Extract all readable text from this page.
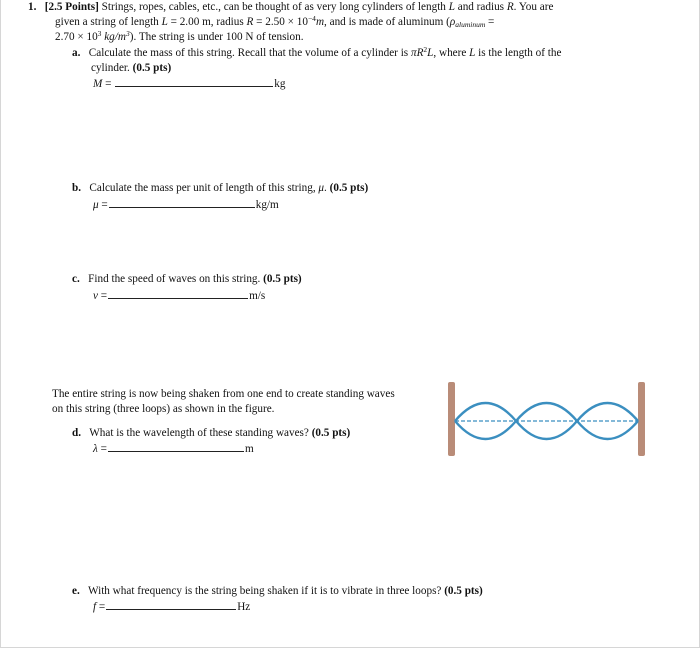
1. [2.5 Points] Strings, ropes, cables, etc., can be thought of as very long cylinders of length L and radius R. You are
given a string of length L = 2.00 m, radius $R = 2.50 \times 10^{-4}m$, and is made of aluminum ($\rho_{aluminum}$ =
$2.70 \times 10^3$ $kg/m^3$). The string is under 100 N of tension.
a. Calculate the mass of this string. Recall that the volume of a cylinder is $\pi R^2L$, where L is the length of the
cylinder. (0.5 pts)
M =	kg
b. Calculate the mass per unit of length of this string, μ. (0.5 pts)
μ =	kg/m
c. Find the speed of waves on this string. (0.5 pts)
v =	m/s
The entire string is now being shaken from one end to create standing waves
on this string (three loops) as shown in the figure.
d. What is the wavelength of these standing waves? (0.5 pts)
λ =	m
e. With what frequency is the string being shaken if it is to vibrate in three loops? (0.5 pts)
f =	Hz
